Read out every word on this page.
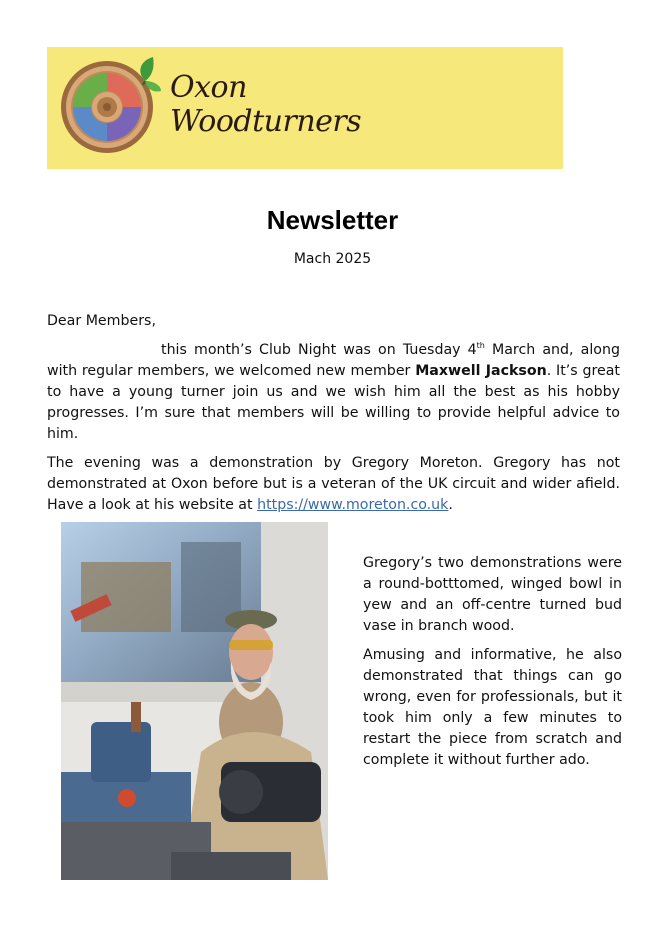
Oxon
Woodturners
Newsletter
Mach 2025
Dear Members,
this month’s Club Night was on Tuesday 4th March and, along with regular members, we welcomed new member Maxwell Jackson. It’s great to have a young turner join us and we wish him all the best as his hobby progresses. I’m sure that members will be willing to provide helpful advice to him.
The evening was a demonstration by Gregory Moreton. Gregory has not demonstrated at Oxon before but is a veteran of the UK circuit and wider afield. Have a look at his website at https://www.moreton.co.uk.
Gregory’s two demonstrations were a round-botttomed, winged bowl in yew and an off-centre turned bud vase in branch wood.
Amusing and informative, he also demonstrated that things can go wrong, even for professionals, but it took him only a few minutes to restart the piece from scratch and complete it without further ado.
